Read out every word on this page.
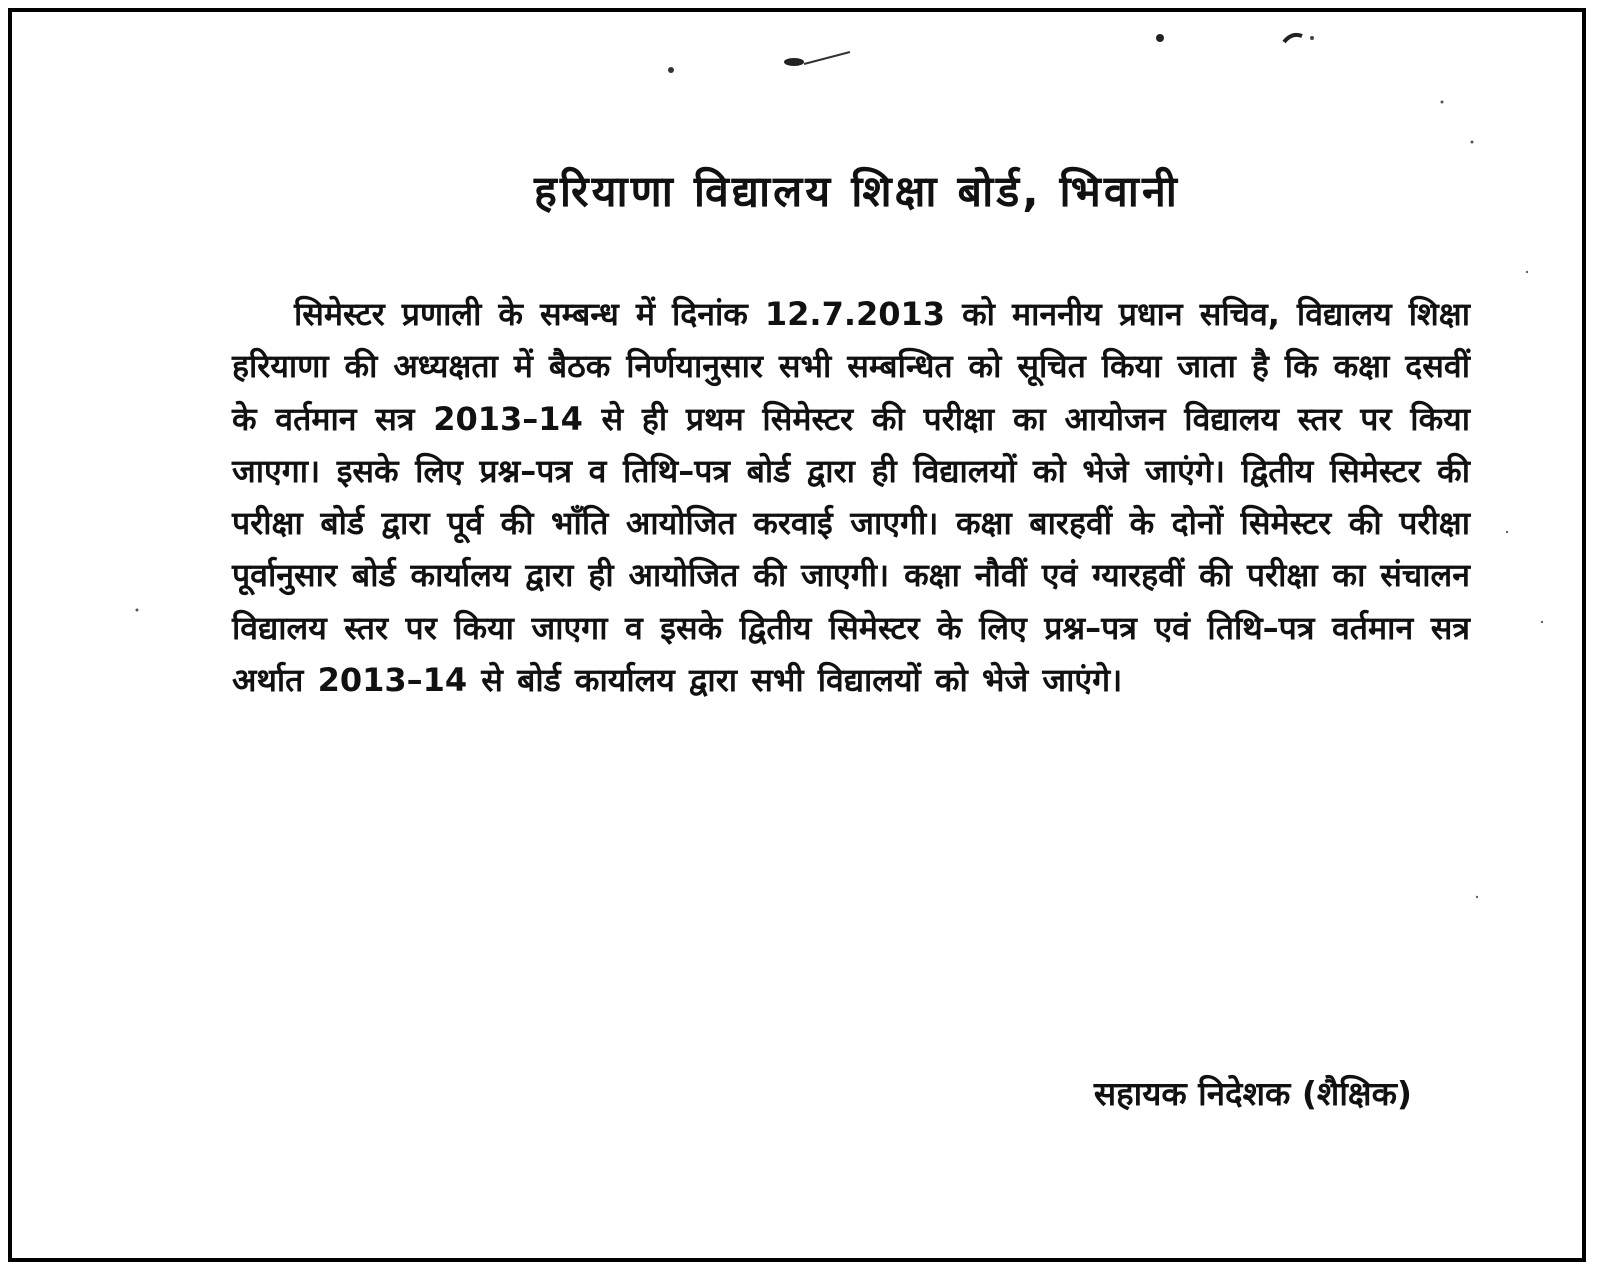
हरियाणा विद्यालय शिक्षा बोर्ड, भिवानी

सिमेस्टर प्रणाली के सम्बन्ध में दिनांक 12.7.2013 को माननीय प्रधान सचिव, विद्यालय शिक्षा हरियाणा की अध्यक्षता में बैठक निर्णयानुसार सभी सम्बन्धित को सूचित किया जाता है कि कक्षा दसवीं के वर्तमान सत्र 2013–14 से ही प्रथम सिमेस्टर की परीक्षा का आयोजन विद्यालय स्तर पर किया जाएगा। इसके लिए प्रश्न–पत्र व तिथि–पत्र बोर्ड द्वारा ही विद्यालयों को भेजे जाएंगे। द्वितीय सिमेस्टर की परीक्षा बोर्ड द्वारा पूर्व की भाँति आयोजित करवाई जाएगी। कक्षा बारहवीं के दोनों सिमेस्टर की परीक्षा पूर्वानुसार बोर्ड कार्यालय द्वारा ही आयोजित की जाएगी। कक्षा नौवीं एवं ग्यारहवीं की परीक्षा का संचालन विद्यालय स्तर पर किया जाएगा व इसके द्वितीय सिमेस्टर के लिए प्रश्न–पत्र एवं तिथि–पत्र वर्तमान सत्र अर्थात 2013–14 से बोर्ड कार्यालय द्वारा सभी विद्यालयों को भेजे जाएंगे।

सहायक निदेशक (शैक्षिक)
